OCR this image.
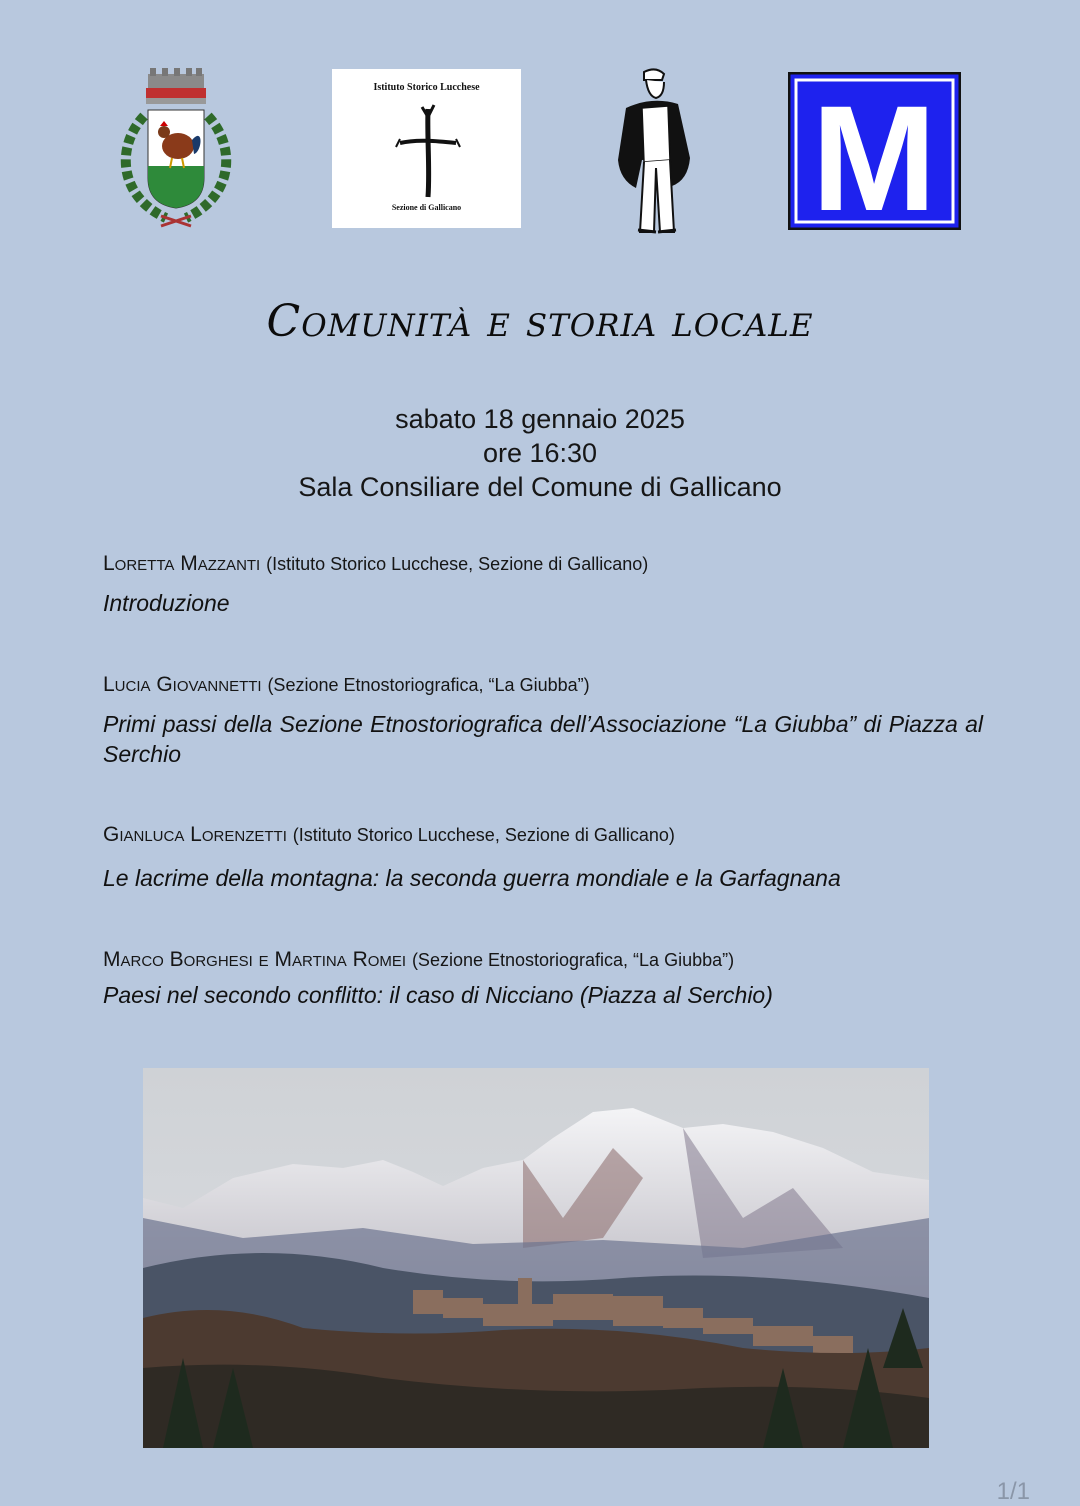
Istituto Storico Lucchese
Sezione di Gallicano	M
Comunità e storia locale
sabato 18 gennaio 2025
ore 16:30
Sala Consiliare del Comune di Gallicano
Loretta Mazzanti (Istituto Storico Lucchese, Sezione di Gallicano)
Introduzione
Lucia Giovannetti (Sezione Etnostoriografica, “La Giubba”)
Primi passi della Sezione Etnostoriografica dell’Associazione “La Giubba” di Piazza al Serchio
Gianluca Lorenzetti (Istituto Storico Lucchese, Sezione di Gallicano)
Le lacrime della montagna: la seconda guerra mondiale e la Garfagnana
Marco Borghesi e Martina Romei (Sezione Etnostoriografica, “La Giubba”)
Paesi nel secondo conflitto: il caso di Nicciano (Piazza al Serchio)
1/1
